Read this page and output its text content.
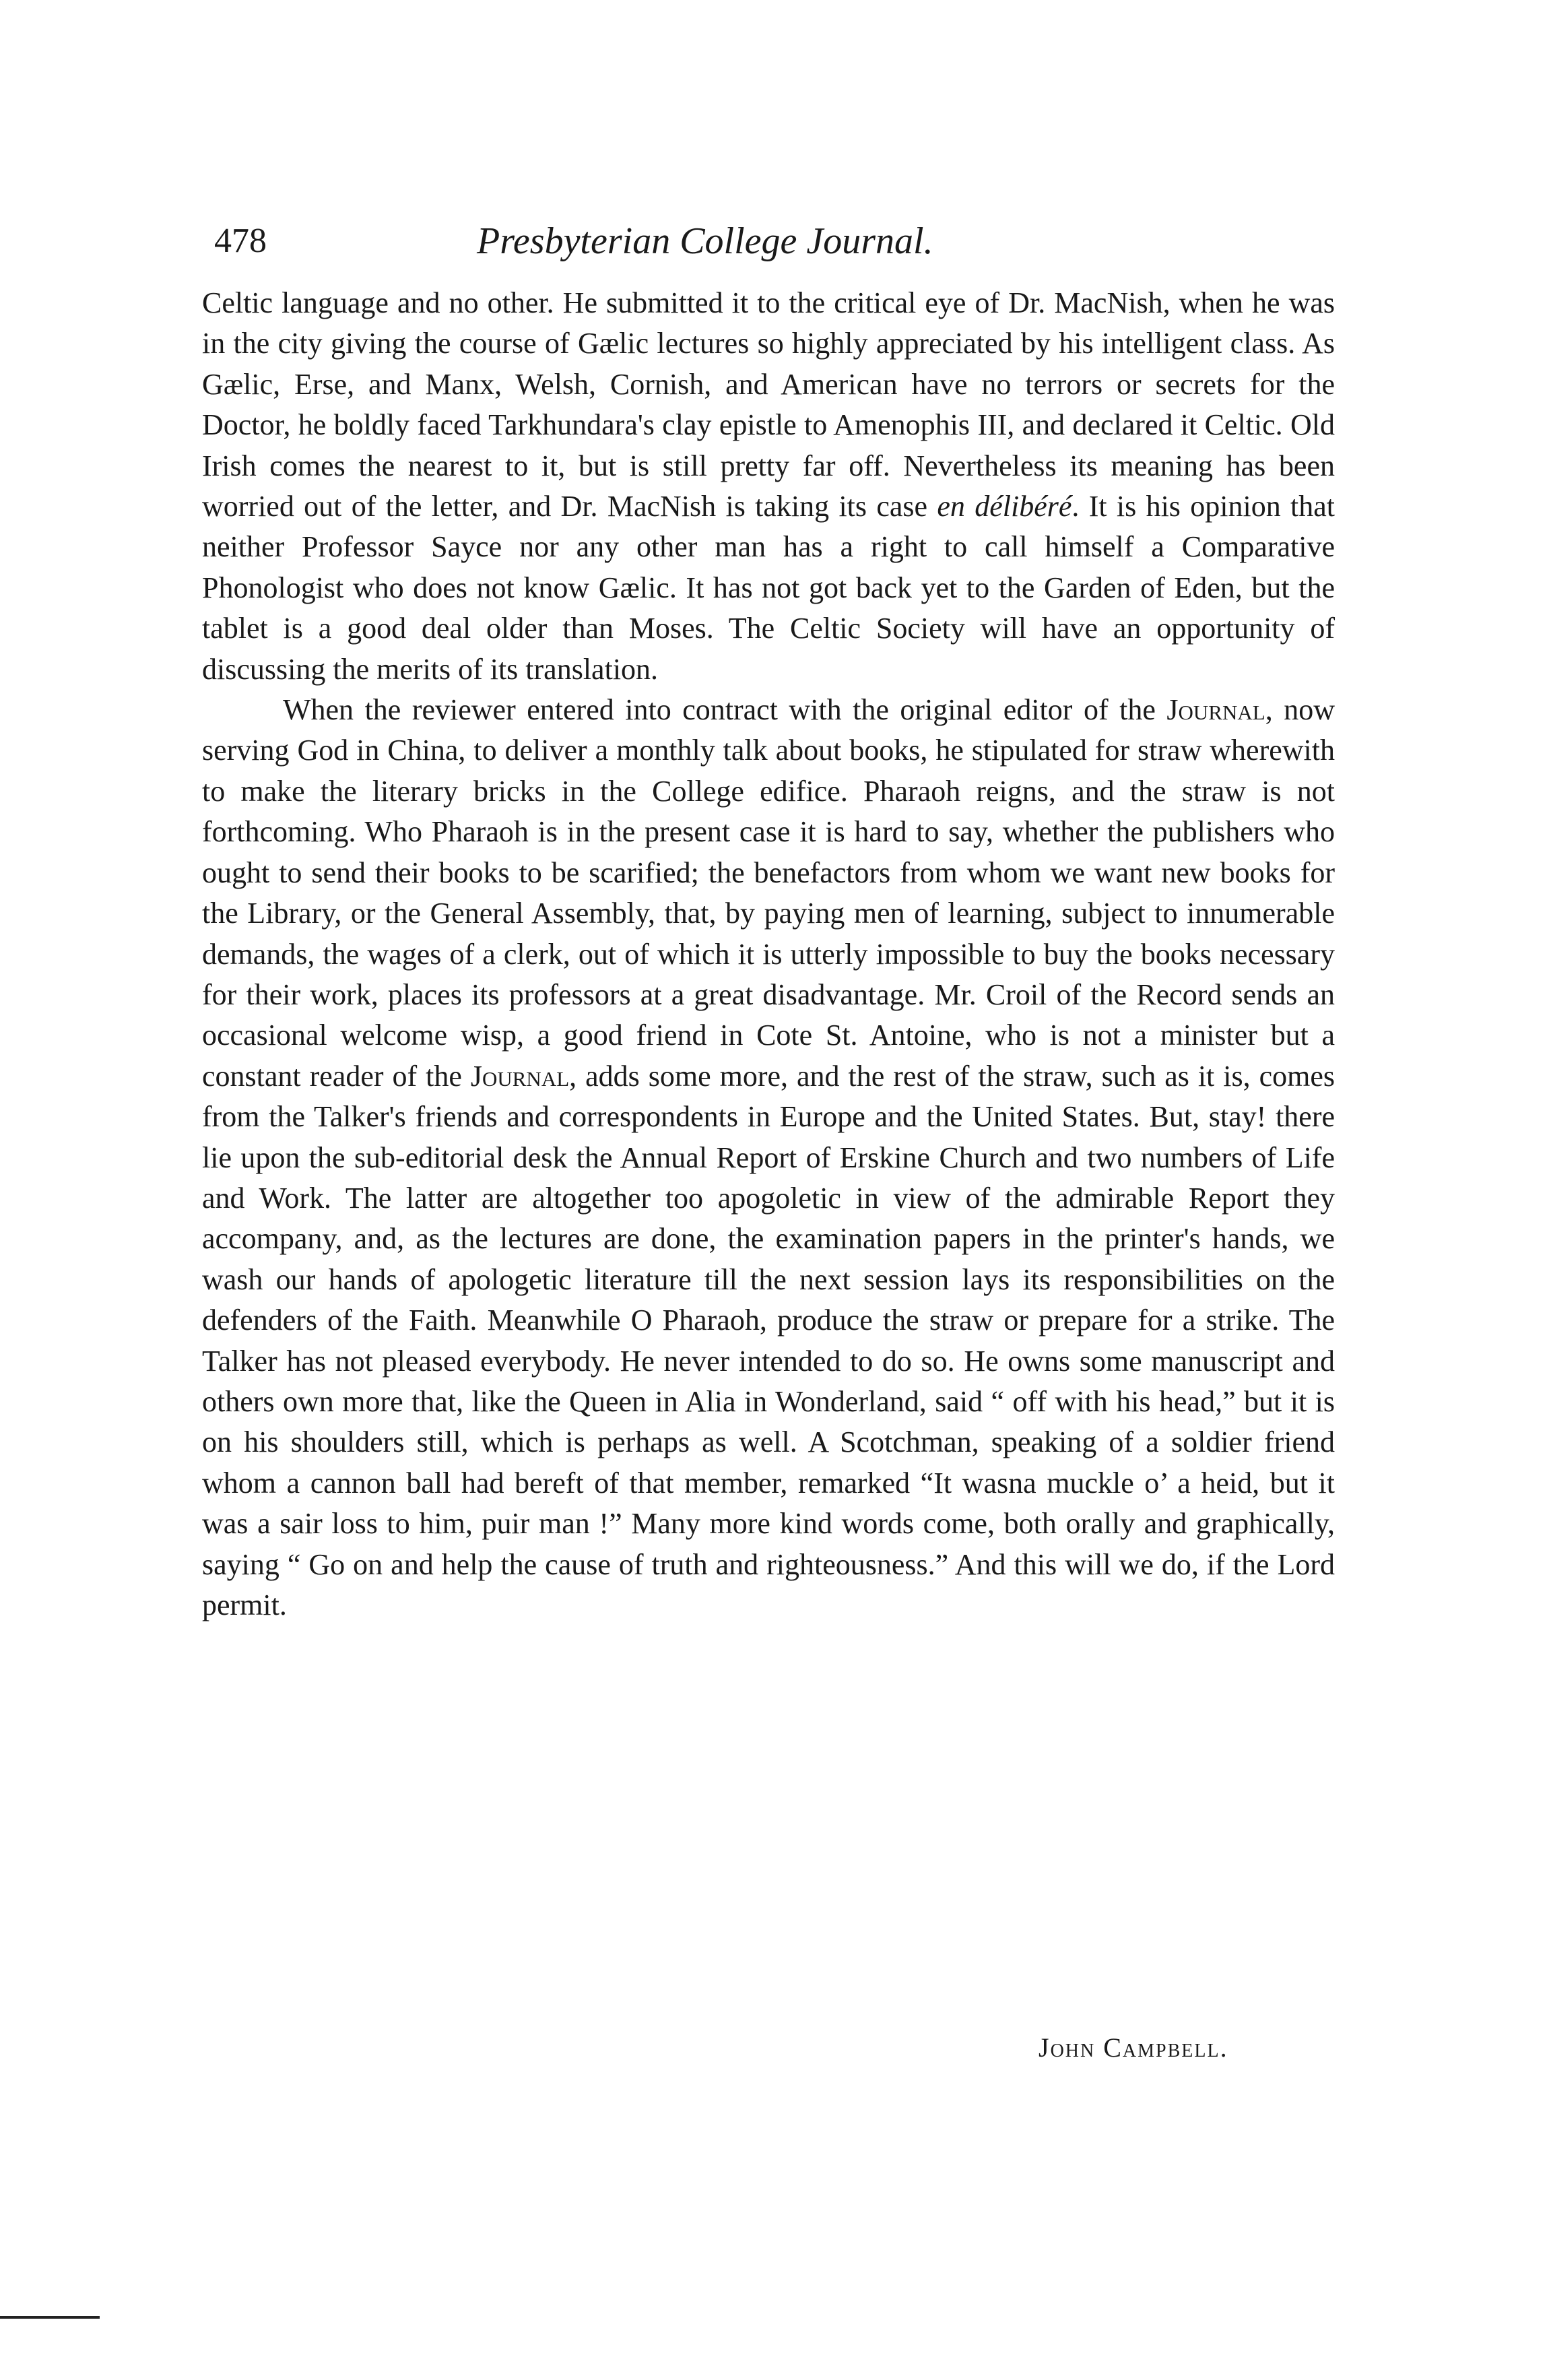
478	Presbyterian College Journal.

Celtic language and no other. He submitted it to the critical eye of Dr. MacNish, when he was in the city giving the course of Gælic lectures so highly appreciated by his intelligent class. As Gælic, Erse, and Manx, Welsh, Cornish, and American have no terrors or secrets for the Doctor, he boldly faced Tarkhundara's clay epistle to Amenophis III, and declared it Celtic. Old Irish comes the nearest to it, but is still pretty far off. Nevertheless its meaning has been worried out of the letter, and Dr. MacNish is taking its case en délibéré. It is his opinion that neither Professor Sayce nor any other man has a right to call himself a Comparative Phonologist who does not know Gælic. It has not got back yet to the Garden of Eden, but the tablet is a good deal older than Moses. The Celtic Society will have an opportunity of discussing the merits of its translation.

When the reviewer entered into contract with the original editor of the Journal, now serving God in China, to deliver a monthly talk about books, he stipulated for straw wherewith to make the literary bricks in the College edifice. Pharaoh reigns, and the straw is not forthcoming. Who Pharaoh is in the present case it is hard to say, whether the publishers who ought to send their books to be scarified; the benefactors from whom we want new books for the Library, or the General Assembly, that, by paying men of learning, subject to innumerable demands, the wages of a clerk, out of which it is utterly impossible to buy the books necessary for their work, places its professors at a great disadvantage. Mr. Croil of the Record sends an occasional welcome wisp, a good friend in Cote St. Antoine, who is not a minister but a constant reader of the Journal, adds some more, and the rest of the straw, such as it is, comes from the Talker's friends and correspondents in Europe and the United States. But, stay! there lie upon the sub-editorial desk the Annual Report of Erskine Church and two numbers of Life and Work. The latter are altogether too apogoletic in view of the admirable Report they accompany, and, as the lectures are done, the examination papers in the printer's hands, we wash our hands of apologetic literature till the next session lays its responsibilities on the defenders of the Faith. Meanwhile O Pharaoh, produce the straw or prepare for a strike. The Talker has not pleased everybody. He never intended to do so. He owns some manuscript and others own more that, like the Queen in Alia in Wonderland, said “ off with his head,” but it is on his shoulders still, which is perhaps as well. A Scotchman, speaking of a soldier friend whom a cannon ball had bereft of that member, remarked “It wasna muckle o’ a heid, but it was a sair loss to him, puir man !” Many more kind words come, both orally and graphically, saying “ Go on and help the cause of truth and righteousness.” And this will we do, if the Lord permit.

John Campbell.
